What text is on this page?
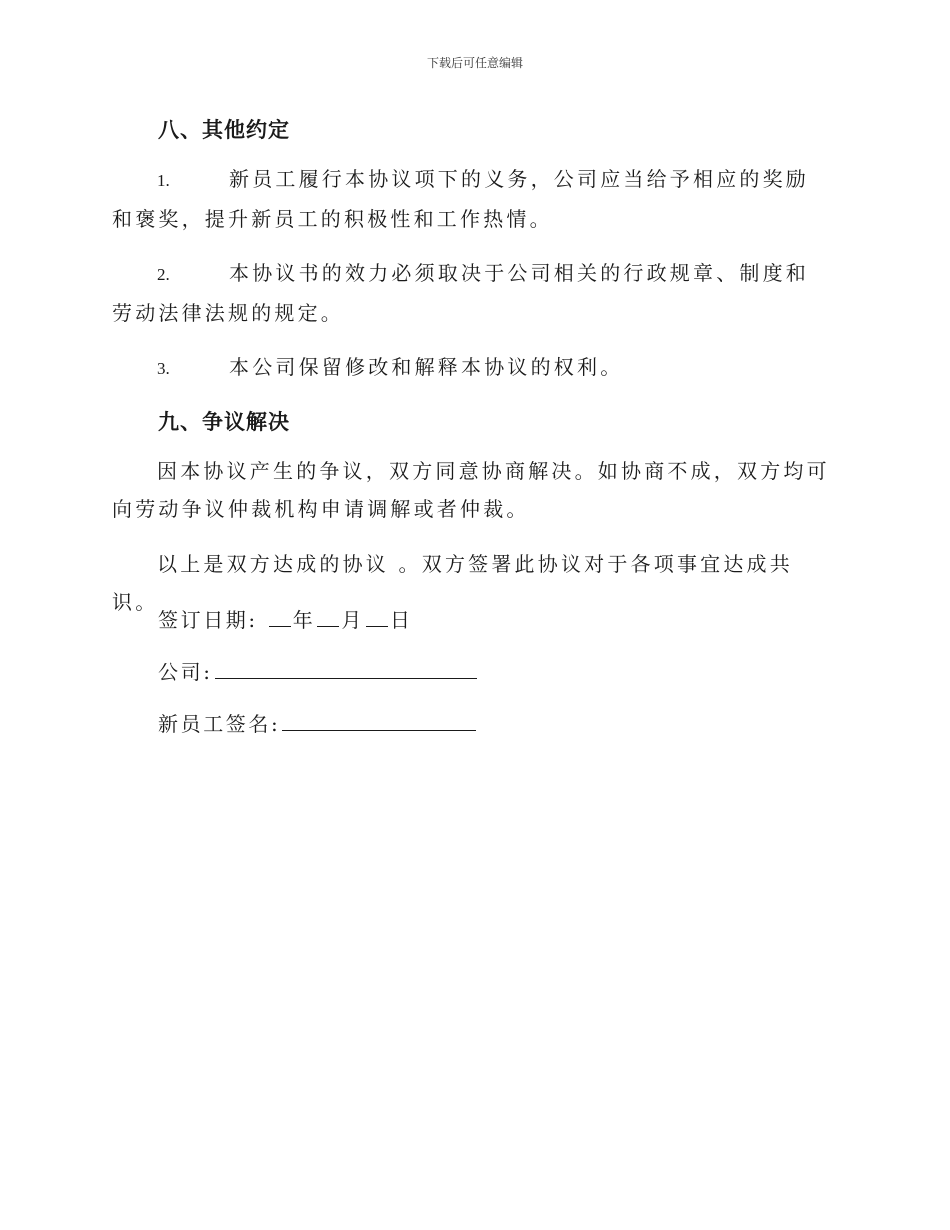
下载后可任意编辑
八、其他约定

1.	新员工履行本协议项下的义务，公司应当给予相应的奖励和褒奖，提升新员工的积极性和工作热情。

2.	本协议书的效力必须取决于公司相关的行政规章、制度和劳动法律法规的规定。

3.	本公司保留修改和解释本协议的权利。

九、争议解决

因本协议产生的争议，双方同意协商解决。如协商不成，双方均可向劳动争议仲裁机构申请调解或者仲裁。

以上是双方达成的协议 。双方签署此协议对于各项事宜达成共识。

签订日期: 年 月 日

公司:

新员工签名:
